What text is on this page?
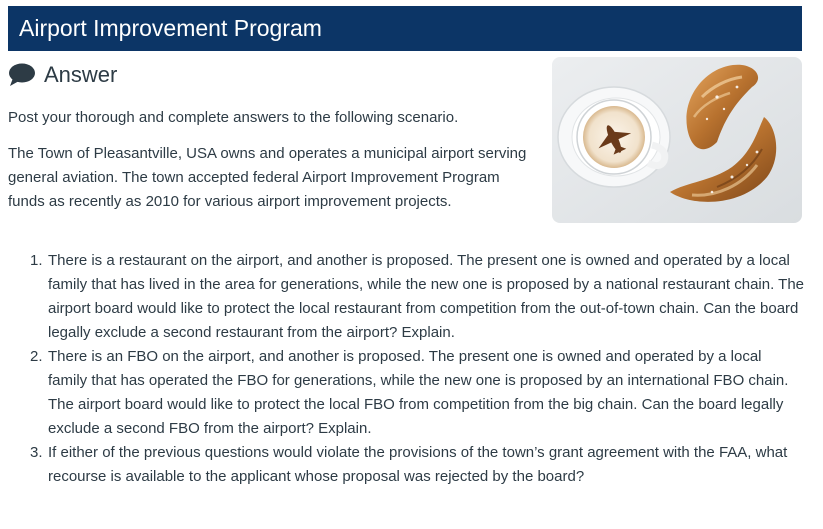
Airport Improvement Program
Answer

Post your thorough and complete answers to the following scenario.

The Town of Pleasantville, USA owns and operates a municipal airport serving general aviation. The town accepted federal Airport Improvement Program funds as recently as 2010 for various airport improvement projects.

1. There is a restaurant on the airport, and another is proposed. The present one is owned and operated by a local family that has lived in the area for generations, while the new one is proposed by a national restaurant chain. The airport board would like to protect the local restaurant from competition from the out-of-town chain. Can the board legally exclude a second restaurant from the airport? Explain.
2. There is an FBO on the airport, and another is proposed. The present one is owned and operated by a local family that has operated the FBO for generations, while the new one is proposed by an international FBO chain. The airport board would like to protect the local FBO from competition from the big chain. Can the board legally exclude a second FBO from the airport? Explain.
3. If either of the previous questions would violate the provisions of the town’s grant agreement with the FAA, what recourse is available to the applicant whose proposal was rejected by the board?
